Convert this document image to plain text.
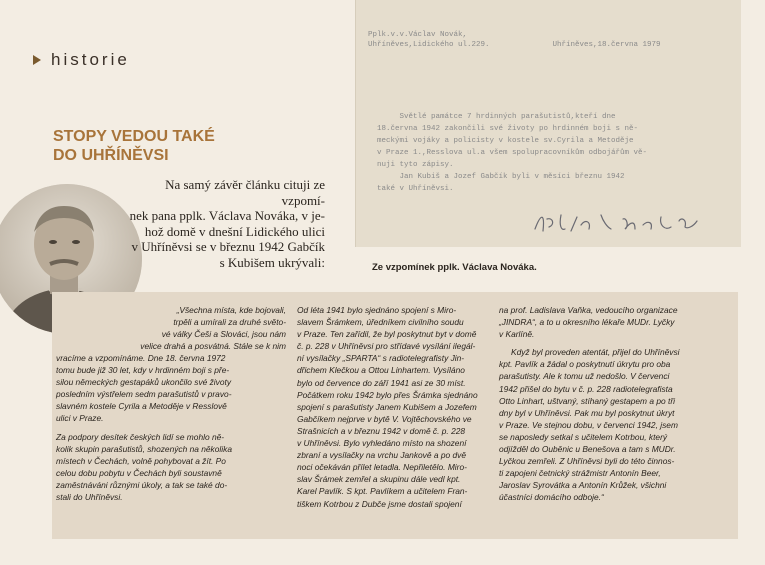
historie
STOPY VEDOU TAKÉ
DO UHŘÍNĚVSI
Na samý závěr článku cituji ze vzpomí-
nek pana pplk. Václava Nováka, v je-
hož domě v dnešní Lidického ulici
v Uhříněvsi se v březnu 1942 Gabčík
s Kubišem ukrývali:
Pplk.v.v.Václav Novák,
Uhříněves,Lidického ul.229.              Uhříněves,18.června 1979
Světlé památce 7 hrdinných parašutistů,kteří dne
18.června 1942 zakončili své životy po hrdinném boji s ně-
meckými vojáky a policisty v kostele sv.Cyrila a Metoděje
v Praze 1.,Resslova ul.a všem spolupracovníkům odbojářům vě-
nuji tyto zápisy.
Jan Kubiš a Jozef Gabčík byli v měsíci březnu 1942
také v Uhříněvsi.
Ze vzpomínek pplk. Václava Nováka.

„Všechna místa, kde bojovali,
trpěli a umírali za druhé světo-
vé války Češi a Slováci, jsou nám
velice drahá a posvátná. Stále se k nim

vracíme a vzpomínáme. Dne 18. června 1972
tomu bude již 30 let, kdy v hrdinném boji s pře-
silou německých gestapáků ukončilo své životy
posledním výstřelem sedm parašutistů v pravo-
slavném kostele Cyrila a Metoděje v Resslově
ulici v Praze.

Za podpory desítek českých lidí se mohlo ně-
kolik skupin parašutistů, shozených na několika
místech v Čechách, volně pohybovat a žít. Po
celou dobu pobytu v Čechách byli soustavně
zaměstnáváni různými úkoly, a tak se také do-
stali do Uhříněvsi.

Od léta 1941 bylo sjednáno spojení s Miro-
slavem Šrámkem, úředníkem civilního soudu
v Praze. Ten zařídil, že byl poskytnut byt v domě
č. p. 228 v Uhříněvsi pro střídavé vysílání ilegál-
ní vysílačky „SPARTA“ s radiotelegrafisty Jin-
dřichem Klečkou a Ottou Linhartem. Vysíláno
bylo od července do září 1941 asi ze 30 míst.
Počátkem roku 1942 bylo přes Šrámka sjednáno
spojení s parašutisty Janem Kubišem a Jozefem
Gabčíkem nejprve v bytě V. Vojtěchovského ve
Strašnicích a v březnu 1942 v domě č. p. 228
v Uhříněvsi. Bylo vyhledáno místo na shození
zbraní a vysílačky na vrchu Jankově a po dvě
noci očekáván přílet letadla. Nepřiletělo. Miro-
slav Šrámek zemřel a skupinu dále vedl kpt.
Karel Pavlík. S kpt. Pavlíkem a učitelem Fran-
tiškem Kotrbou z Dubče jsme dostali spojení

na prof. Ladislava Vaňka, vedoucího organizace
„JINDRA“, a to u okresního lékaře MUDr. Lyčky
v Karlíně.

Když byl proveden atentát, přijel do Uhříněvsi
kpt. Pavlík a žádal o poskytnutí úkrytu pro oba
parašutisty. Ale k tomu už nedošlo. V červenci
1942 přišel do bytu v č. p. 228 radiotelegrafista
Otto Linhart, uštvaný, stíhaný gestapem a po tři
dny byl v Uhříněvsi. Pak mu byl poskytnut úkryt
v Praze. Ve stejnou dobu, v červenci 1942, jsem
se naposledy setkal s učitelem Kotrbou, který
odjížděl do Ouběnic u Benešova a tam s MUDr.
Lyčkou zemřeli. Z Uhříněvsi byli do této činnos-
ti zapojeni četnický strážmistr Antonín Beer,
Jaroslav Syrovátka a Antonín Krůžek, všichni
účastníci domácího odboje.“
